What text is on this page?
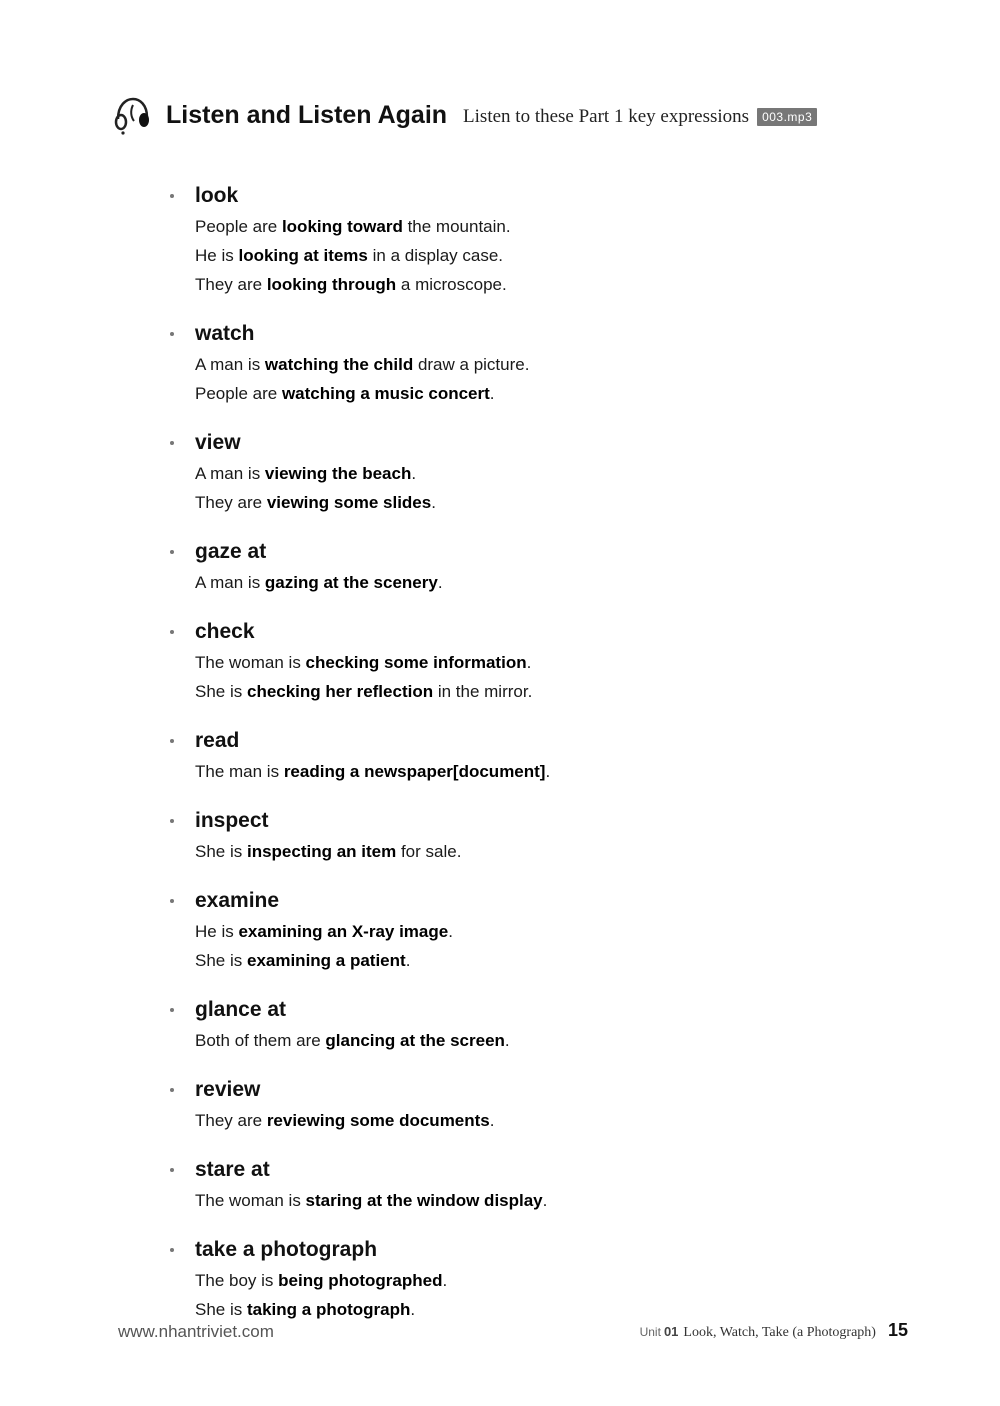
Listen and Listen Again Listen to these Part 1 key expressions	003.mp3
look
People are looking toward the mountain.
He is looking at items in a display case.
They are looking through a microscope.
watch
A man is watching the child draw a picture.
People are watching a music concert.
view
A man is viewing the beach.
They are viewing some slides.
gaze at
A man is gazing at the scenery.
check
The woman is checking some information.
She is checking her reflection in the mirror.
read
The man is reading a newspaper[document].
inspect
She is inspecting an item for sale.
examine
He is examining an X-ray image.
She is examining a patient.
glance at
Both of them are glancing at the screen.
review
They are reviewing some documents.
stare at
The woman is staring at the window display.
take a photograph
The boy is being photographed.
She is taking a photograph.
www.nhantriviet.com	Unit 01 Look, Watch, Take (a Photograph) 15
